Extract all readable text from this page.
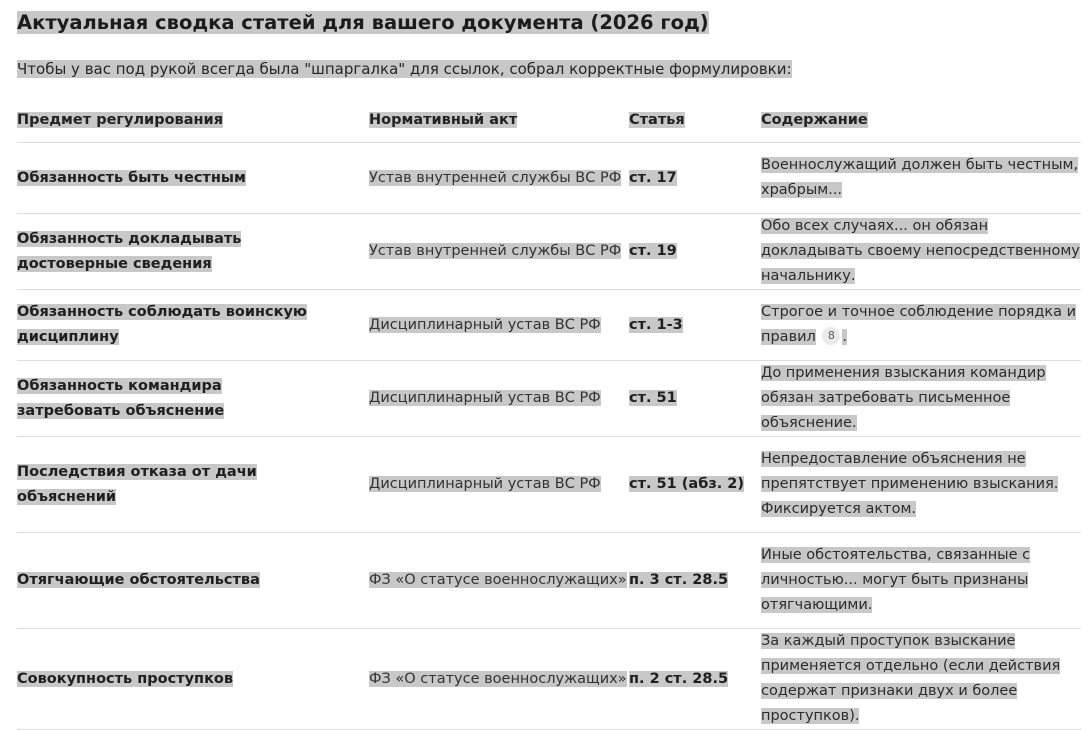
Актуальная сводка статей для вашего документа (2026 год)

Чтобы у вас под рукой всегда была "шпаргалка" для ссылок, собрал корректные формулировки:

Предмет регулирования	Нормативный акт	Статья	Содержание
Обязанность быть честным	Устав внутренней службы ВС РФ	ст. 17	Военнослужащий должен быть честным, храбрым...
Обязанность докладывать достоверные сведения	Устав внутренней службы ВС РФ	ст. 19	Обо всех случаях... он обязан докладывать своему непосредственному начальнику.
Обязанность соблюдать воинскую дисциплину	Дисциплинарный устав ВС РФ	ст. 1-3	Строгое и точное соблюдение порядка и правил 8 .
Обязанность командира затребовать объяснение	Дисциплинарный устав ВС РФ	ст. 51	До применения взыскания командир обязан затребовать письменное объяснение.
Последствия отказа от дачи объяснений	Дисциплинарный устав ВС РФ	ст. 51 (абз. 2)	Непредоставление объяснения не препятствует применению взыскания. Фиксируется актом.
Отягчающие обстоятельства	ФЗ «О статусе военнослужащих»	п. 3 ст. 28.5	Иные обстоятельства, связанные с личностью... могут быть признаны отягчающими.
Совокупность проступков	ФЗ «О статусе военнослужащих»	п. 2 ст. 28.5	За каждый проступок взыскание применяется отдельно (если действия содержат признаки двух и более проступков).
